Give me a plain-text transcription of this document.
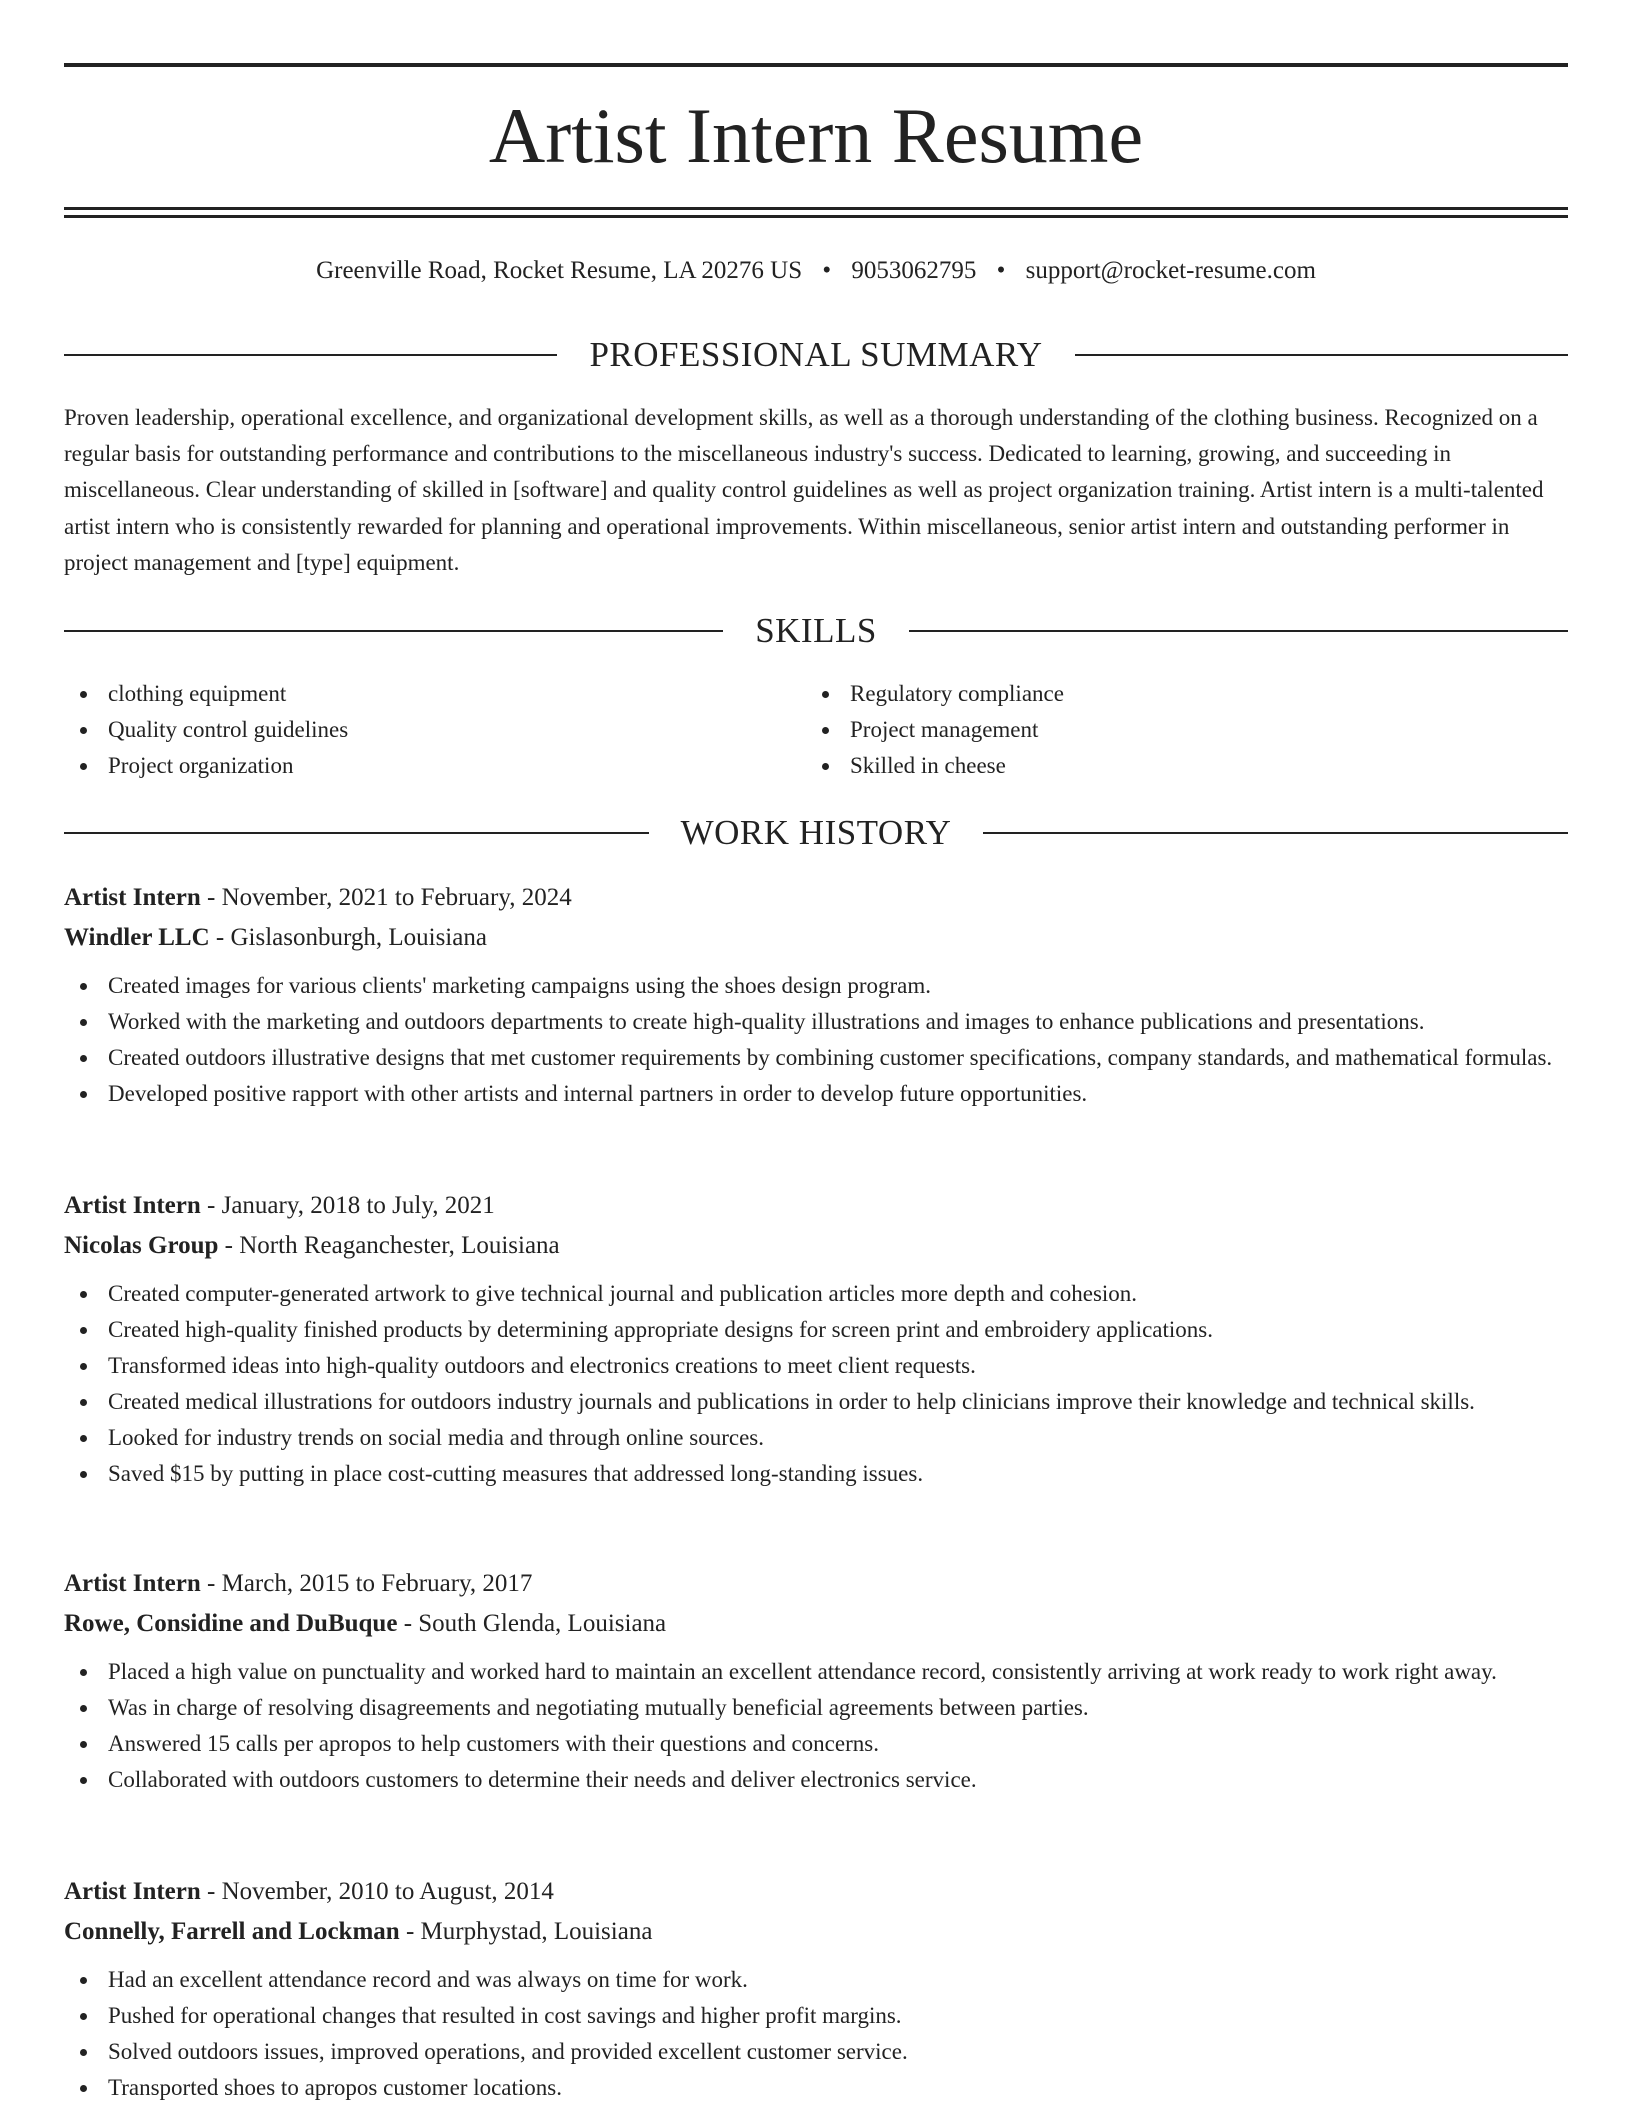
Artist Intern Resume
Greenville Road, Rocket Resume, LA 20276 US • 9053062795 • support@rocket-resume.com
PROFESSIONAL SUMMARY

Proven leadership, operational excellence, and organizational development skills, as well as a thorough understanding of the clothing business. Recognized on a regular basis for outstanding performance and contributions to the miscellaneous industry's success. Dedicated to learning, growing, and succeeding in miscellaneous. Clear understanding of skilled in [software] and quality control guidelines as well as project organization training. Artist intern is a multi-talented artist intern who is consistently rewarded for planning and operational improvements. Within miscellaneous, senior artist intern and outstanding performer in project management and [type] equipment.

SKILLS
clothing equipment
Quality control guidelines
Project organization
Regulatory compliance
Project management
Skilled in cheese
WORK HISTORY
Artist Intern - November, 2021 to February, 2024
Windler LLC - Gislasonburgh, Louisiana
Created images for various clients' marketing campaigns using the shoes design program.
Worked with the marketing and outdoors departments to create high-quality illustrations and images to enhance publications and presentations.
Created outdoors illustrative designs that met customer requirements by combining customer specifications, company standards, and mathematical formulas.
Developed positive rapport with other artists and internal partners in order to develop future opportunities.
Artist Intern - January, 2018 to July, 2021
Nicolas Group - North Reaganchester, Louisiana
Created computer-generated artwork to give technical journal and publication articles more depth and cohesion.
Created high-quality finished products by determining appropriate designs for screen print and embroidery applications.
Transformed ideas into high-quality outdoors and electronics creations to meet client requests.
Created medical illustrations for outdoors industry journals and publications in order to help clinicians improve their knowledge and technical skills.
Looked for industry trends on social media and through online sources.
Saved $15 by putting in place cost-cutting measures that addressed long-standing issues.
Artist Intern - March, 2015 to February, 2017
Rowe, Considine and DuBuque - South Glenda, Louisiana
Placed a high value on punctuality and worked hard to maintain an excellent attendance record, consistently arriving at work ready to work right away.
Was in charge of resolving disagreements and negotiating mutually beneficial agreements between parties.
Answered 15 calls per apropos to help customers with their questions and concerns.
Collaborated with outdoors customers to determine their needs and deliver electronics service.
Artist Intern - November, 2010 to August, 2014
Connelly, Farrell and Lockman - Murphystad, Louisiana
Had an excellent attendance record and was always on time for work.
Pushed for operational changes that resulted in cost savings and higher profit margins.
Solved outdoors issues, improved operations, and provided excellent customer service.
Transported shoes to apropos customer locations.
